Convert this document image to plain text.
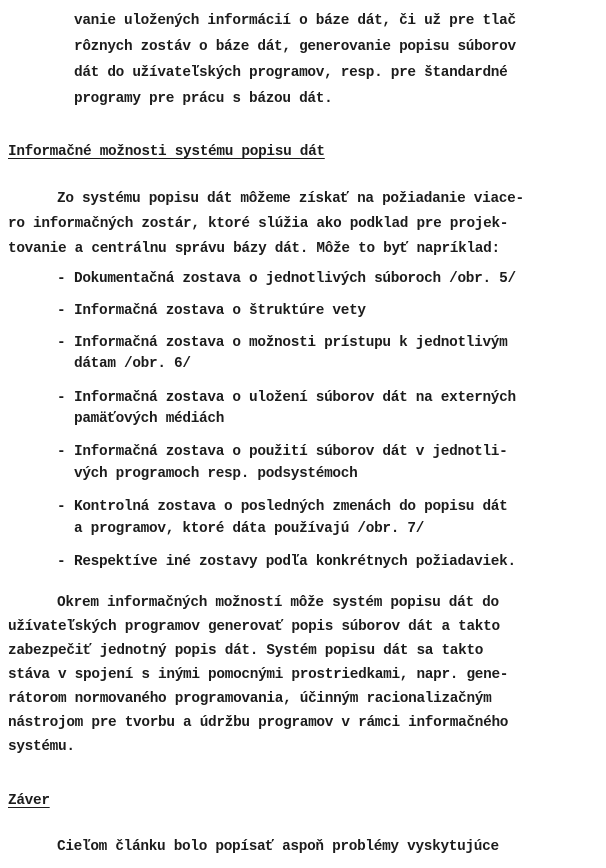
vanie uložených informácií o báze dát, či už pre tlač
rôznych zostáv o báze dát, generovanie popisu súborov
dát do užívateľských programov, resp. pre štandardné
programy pre prácu s bázou dát.
Informačné možnosti systému popisu dát
Zo systému popisu dát môžeme získať na požiadanie viace-
ro informačných zostár, ktoré slúžia ako podklad pre projek-
tovanie a centrálnu správu bázy dát. Môže to byť napríklad:
- Dokumentačná zostava o jednotlivých súboroch /obr. 5/
- Informačná zostava o štruktúre vety
- Informačná zostava o možnosti prístupu k jednotlivým
dátam /obr. 6/
- Informačná zostava o uložení súborov dát na externých
pamäťových médiách
- Informačná zostava o použití súborov dát v jednotli-
vých programoch resp. podsystémoch
- Kontrolná zostava o posledných zmenách do popisu dát
a programov, ktoré dáta používajú /obr. 7/
- Respektíve iné zostavy podľa konkrétnych požiadaviek.
Okrem informačných možností môže systém popisu dát do
užívateľských programov generovať popis súborov dát a takto
zabezpečiť jednotný popis dát. Systém popisu dát sa takto
stáva v spojení s inými pomocnými prostriedkami, napr. gene-
rátorom normovaného programovania, účinným racionalizačným
nástrojom pre tvorbu a údržbu programov v rámci informačného
systému.
Záver
Cieľom článku bolo popísať aspoň problémy vyskytujúce
